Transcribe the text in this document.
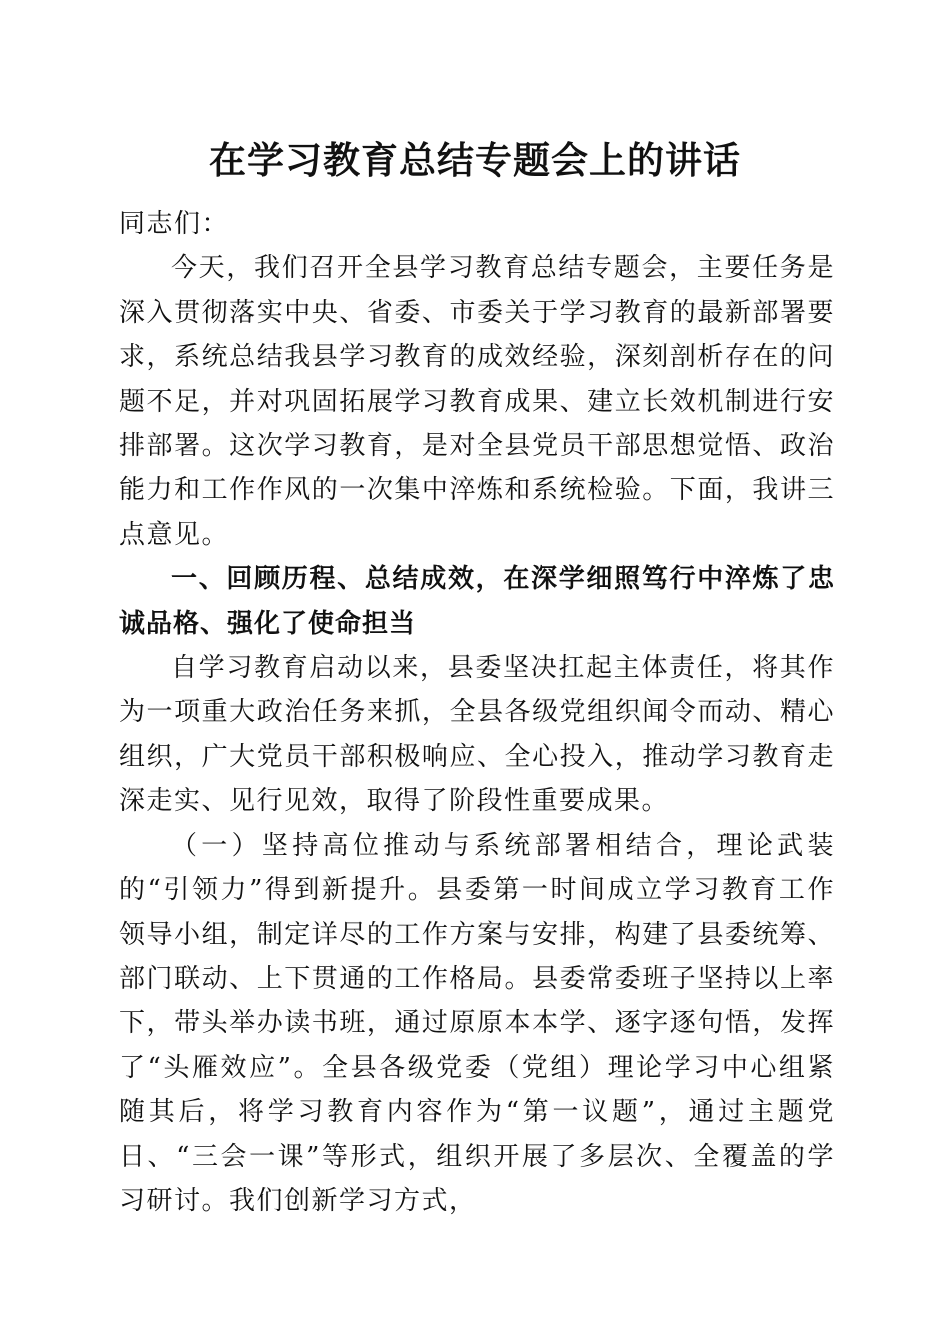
在学习教育总结专题会上的讲话

同志们：

今天，我们召开全县学习教育总结专题会，主要任务是深入贯彻落实中央、省委、市委关于学习教育的最新部署要求，系统总结我县学习教育的成效经验，深刻剖析存在的问题不足，并对巩固拓展学习教育成果、建立长效机制进行安排部署。这次学习教育，是对全县党员干部思想觉悟、政治能力和工作作风的一次集中淬炼和系统检验。下面，我讲三点意见。

一、回顾历程、总结成效，在深学细照笃行中淬炼了忠诚品格、强化了使命担当

自学习教育启动以来，县委坚决扛起主体责任，将其作为一项重大政治任务来抓，全县各级党组织闻令而动、精心组织，广大党员干部积极响应、全心投入，推动学习教育走深走实、见行见效，取得了阶段性重要成果。

（一）坚持高位推动与系统部署相结合，理论武装的“引领力”得到新提升。县委第一时间成立学习教育工作领导小组，制定详尽的工作方案与安排，构建了县委统筹、部门联动、上下贯通的工作格局。县委常委班子坚持以上率下，带头举办读书班，通过原原本本学、逐字逐句悟，发挥了“头雁效应”。全县各级党委（党组）理论学习中心组紧随其后，将学习教育内容作为“第一议题”，通过主题党日、“三会一课”等形式，组织开展了多层次、全覆盖的学习研讨。我们创新学习方式，
